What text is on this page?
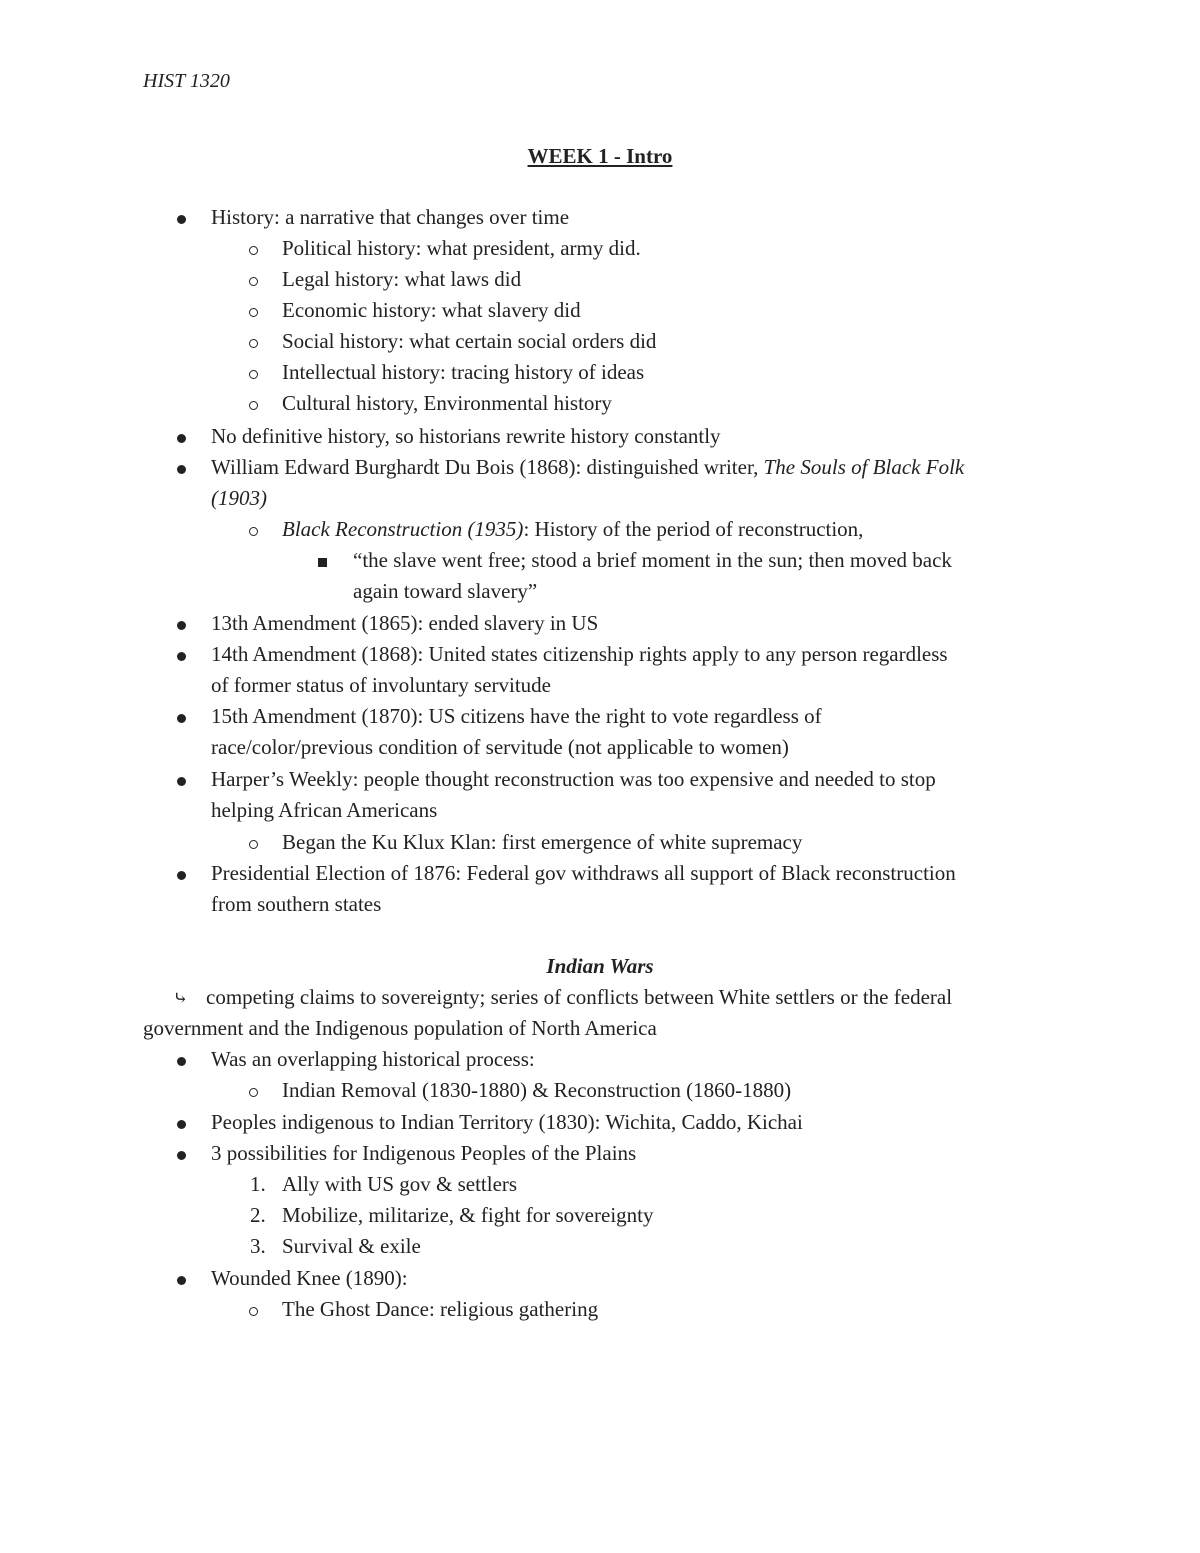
HIST 1320
WEEK 1 - Intro
History: a narrative that changes over time
Political history: what president, army did.
Legal history: what laws did
Economic history: what slavery did
Social history: what certain social orders did
Intellectual history: tracing history of ideas
Cultural history, Environmental history
No definitive history, so historians rewrite history constantly
William Edward Burghardt Du Bois (1868): distinguished writer, The Souls of Black Folk
(1903)
Black Reconstruction (1935): History of the period of reconstruction,
“the slave went free; stood a brief moment in the sun; then moved back
again toward slavery”
13th Amendment (1865): ended slavery in US
14th Amendment (1868): United states citizenship rights apply to any person regardless
of former status of involuntary servitude
15th Amendment (1870): US citizens have the right to vote regardless of
race/color/previous condition of servitude (not applicable to women)
Harper’s Weekly: people thought reconstruction was too expensive and needed to stop
helping African Americans
Began the Ku Klux Klan: first emergence of white supremacy
Presidential Election of 1876: Federal gov withdraws all support of Black reconstruction
from southern states
Indian Wars
⤷ competing claims to sovereignty; series of conflicts between White settlers or the federal
government and the Indigenous population of North America
Was an overlapping historical process:
Indian Removal (1830-1880) & Reconstruction (1860-1880)
Peoples indigenous to Indian Territory (1830): Wichita, Caddo, Kichai
3 possibilities for Indigenous Peoples of the Plains
1. Ally with US gov & settlers
2. Mobilize, militarize, & fight for sovereignty
3. Survival & exile
Wounded Knee (1890):
The Ghost Dance: religious gathering
